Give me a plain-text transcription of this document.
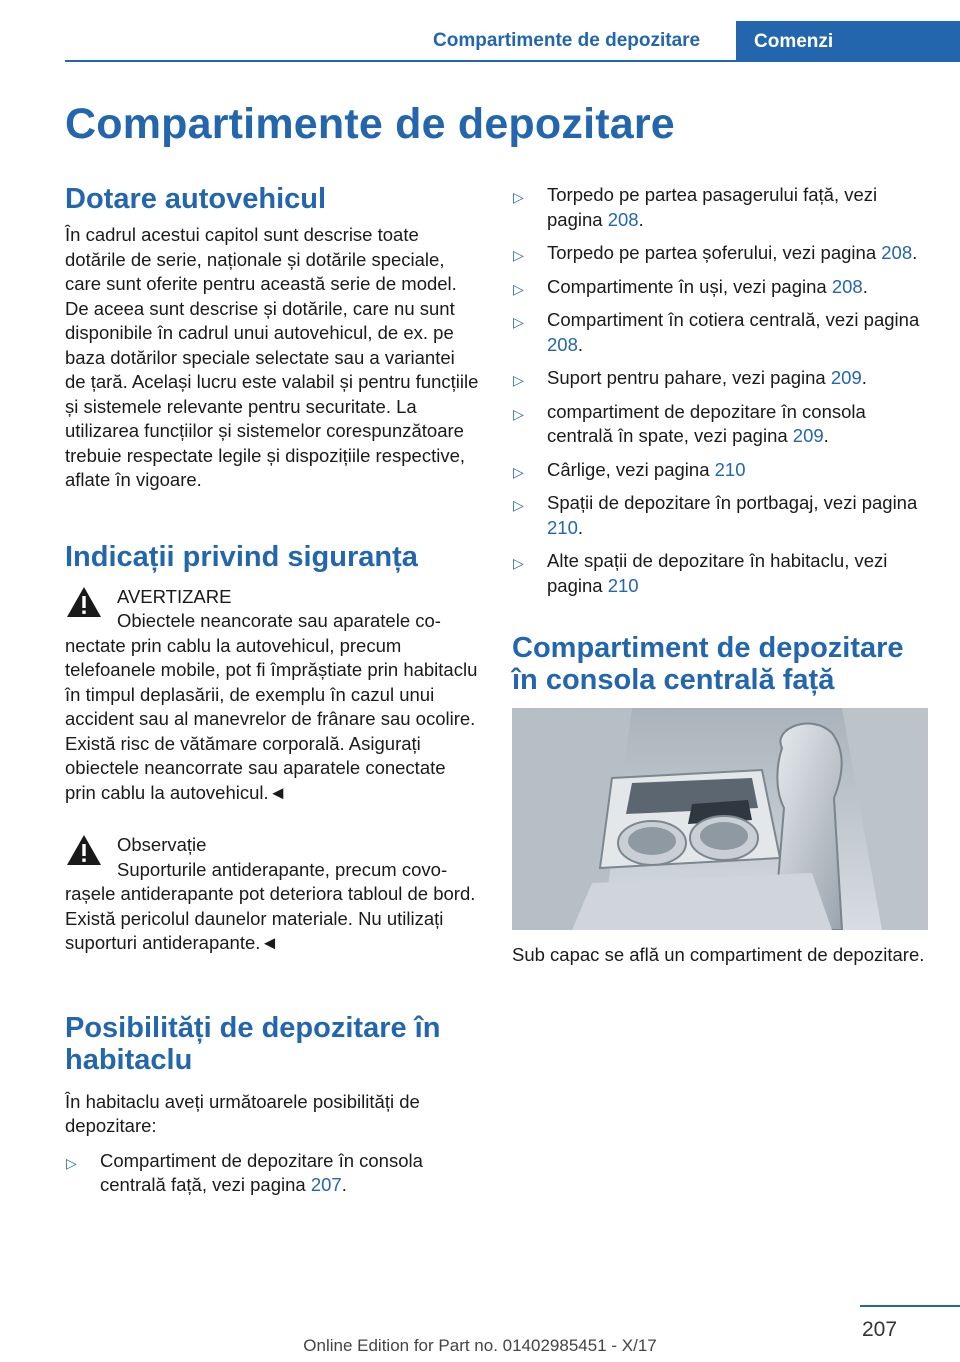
Compartimente de depozitare	Comenzi
Compartimente de depozitare
Dotare autovehicul

În cadrul acestui capitol sunt descrise toate dotările de serie, naționale și dotările speciale, care sunt oferite pentru această serie de model. De aceea sunt descrise și dotările, care nu sunt disponibile în cadrul unui autovehicul, de ex. pe baza dotărilor speciale selectate sau a variantei de țară. Același lucru este valabil și pentru funcțiile și sistemele relevante pentru securitate. La utilizarea funcțiilor și sistemelor corespunzătoare trebuie respectate legile și dispozițiile respective, aflate în vigoare.

Indicații privind siguranța
AVERTIZARE

Obiectele neancorate sau aparatele co-

nectate prin cablu la autovehicul, precum telefoanele mobile, pot fi împrăștiate prin habitaclu în timpul deplasării, de exemplu în cazul unui accident sau al manevrelor de frânare sau ocolire. Există risc de vătămare corporală. Asigurați obiectele neancorrate sau aparatele conectate prin cablu la autovehicul.◄

Observație

Suporturile antiderapante, precum covo-

rașele antiderapante pot deteriora tabloul de bord. Există pericolul daunelor materiale. Nu utilizați suporturi antiderapante.◄

Posibilități de depozitare în habitaclu

În habitaclu aveți următoarele posibilități de depozitare:

▷ Compartiment de depozitare în consola centrală față, vezi pagina 207.
▷ Torpedo pe partea pasagerului față, vezi pagina 208.
▷ Torpedo pe partea șoferului, vezi pagina 208.
▷ Compartimente în uși, vezi pagina 208.
▷ Compartiment în cotiera centrală, vezi pagina 208.
▷ Suport pentru pahare, vezi pagina 209.
▷ compartiment de depozitare în consola centrală în spate, vezi pagina 209.
▷ Cârlige, vezi pagina 210
▷ Spații de depozitare în portbagaj, vezi pagina 210.
▷ Alte spații de depozitare în habitaclu, vezi pagina 210
Compartiment de depozitare în consola centrală față

Sub capac se află un compartiment de depozitare.

207
Online Edition for Part no. 01402985451 - X/17
